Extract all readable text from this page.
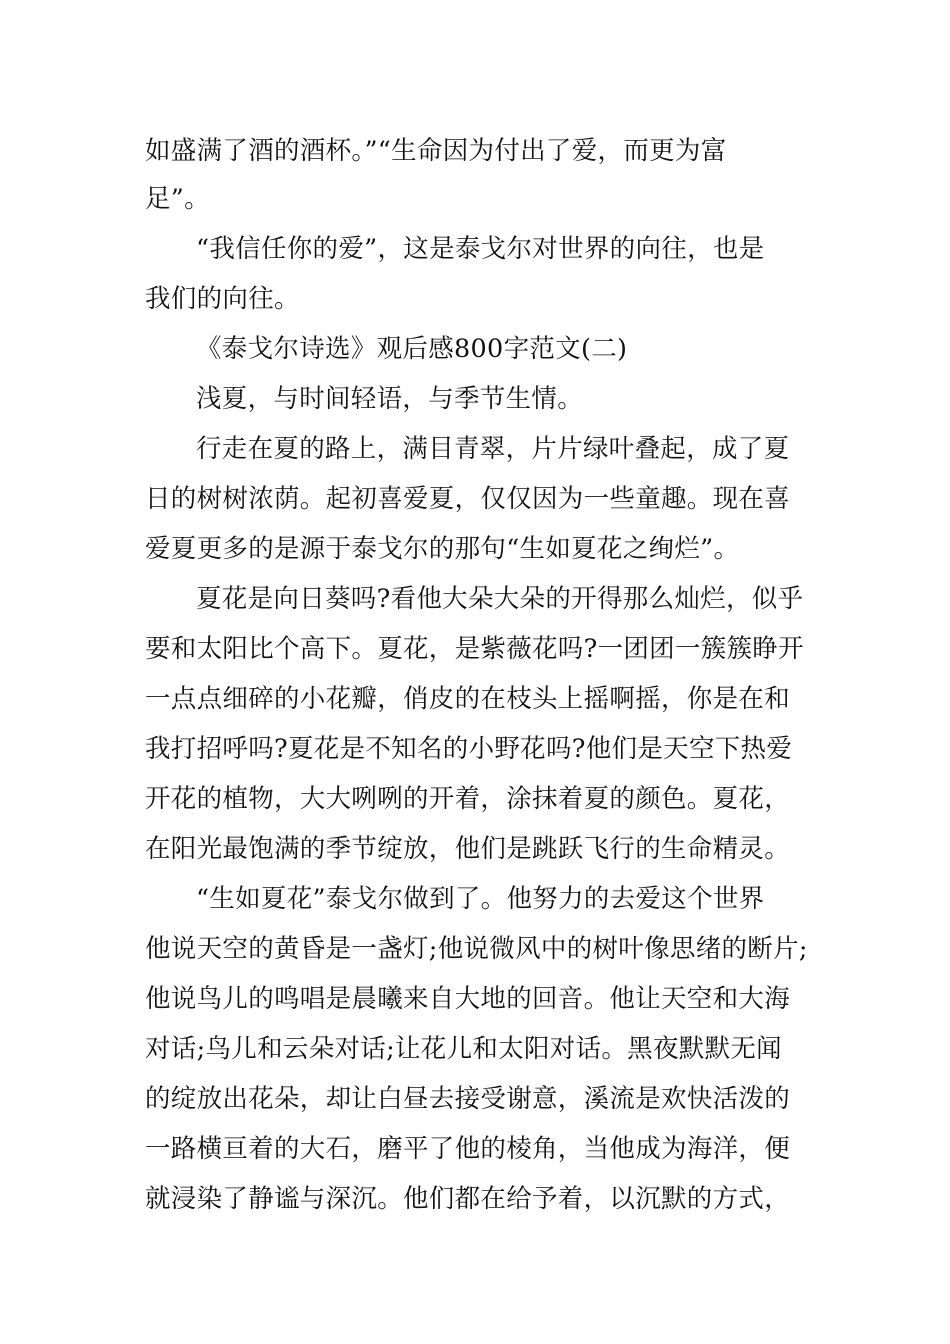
如盛满了酒的酒杯。”“生命因为付出了爱，而更为富
足”。
“我信任你的爱”，这是泰戈尔对世界的向往，也是
我们的向往。
《泰戈尔诗选》观后感800字范文(二)
浅夏，与时间轻语，与季节生情。
行走在夏的路上，满目青翠，片片绿叶叠起，成了夏
日的树树浓荫。起初喜爱夏，仅仅因为一些童趣。现在喜
爱夏更多的是源于泰戈尔的那句“生如夏花之绚烂”。
夏花是向日葵吗?看他大朵大朵的开得那么灿烂，似乎
要和太阳比个高下。夏花，是紫薇花吗?一团团一簇簇睁开
一点点细碎的小花瓣，俏皮的在枝头上摇啊摇，你是在和
我打招呼吗?夏花是不知名的小野花吗?他们是天空下热爱
开花的植物，大大咧咧的开着，涂抹着夏的颜色。夏花，
在阳光最饱满的季节绽放，他们是跳跃飞行的生命精灵。
“生如夏花”泰戈尔做到了。他努力的去爱这个世界
他说天空的黄昏是一盏灯;他说微风中的树叶像思绪的断片;
他说鸟儿的鸣唱是晨曦来自大地的回音。他让天空和大海
对话;鸟儿和云朵对话;让花儿和太阳对话。黑夜默默无闻
的绽放出花朵，却让白昼去接受谢意，溪流是欢快活泼的
一路横亘着的大石，磨平了他的棱角，当他成为海洋，便
就浸染了静谧与深沉。他们都在给予着，以沉默的方式，
